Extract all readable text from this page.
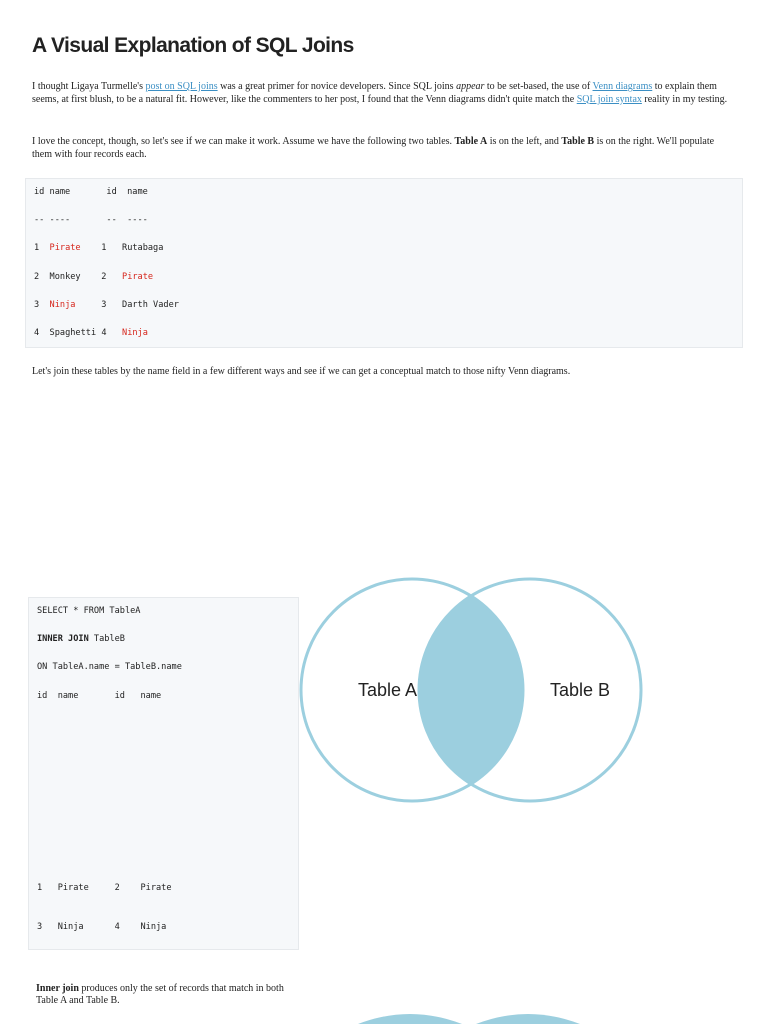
A Visual Explanation of SQL Joins

I thought Ligaya Turmelle's post on SQL joins was a great primer for novice developers. Since SQL joins appear to be set-based, the use of Venn diagrams to explain them seems, at first blush, to be a natural fit. However, like the commenters to her post, I found that the Venn diagrams didn't quite match the SQL join syntax reality in my testing.

I love the concept, though, so let's see if we can make it work. Assume we have the following two tables. Table A is on the left, and Table B is on the right. We'll populate them with four records each.

id name       id  name
-- ----       --  ----
1 Pirate 1 Rutabaga
2 Monkey 2 Pirate
3 Ninja	3 Darth Vader
4 Spaghetti 4 Ninja

Let's join these tables by the name field in a few different ways and see if we can get a conceptual match to those nifty Venn diagrams.

SELECT * FROM TableA
INNER JOIN TableB
ON TableA.name = TableB.name
id  name       id   name
1   Pirate     2    Pirate
3   Ninja      4    Ninja
Table A	Table B

Inner join produces only the set of records that match in both Table A and Table B.
